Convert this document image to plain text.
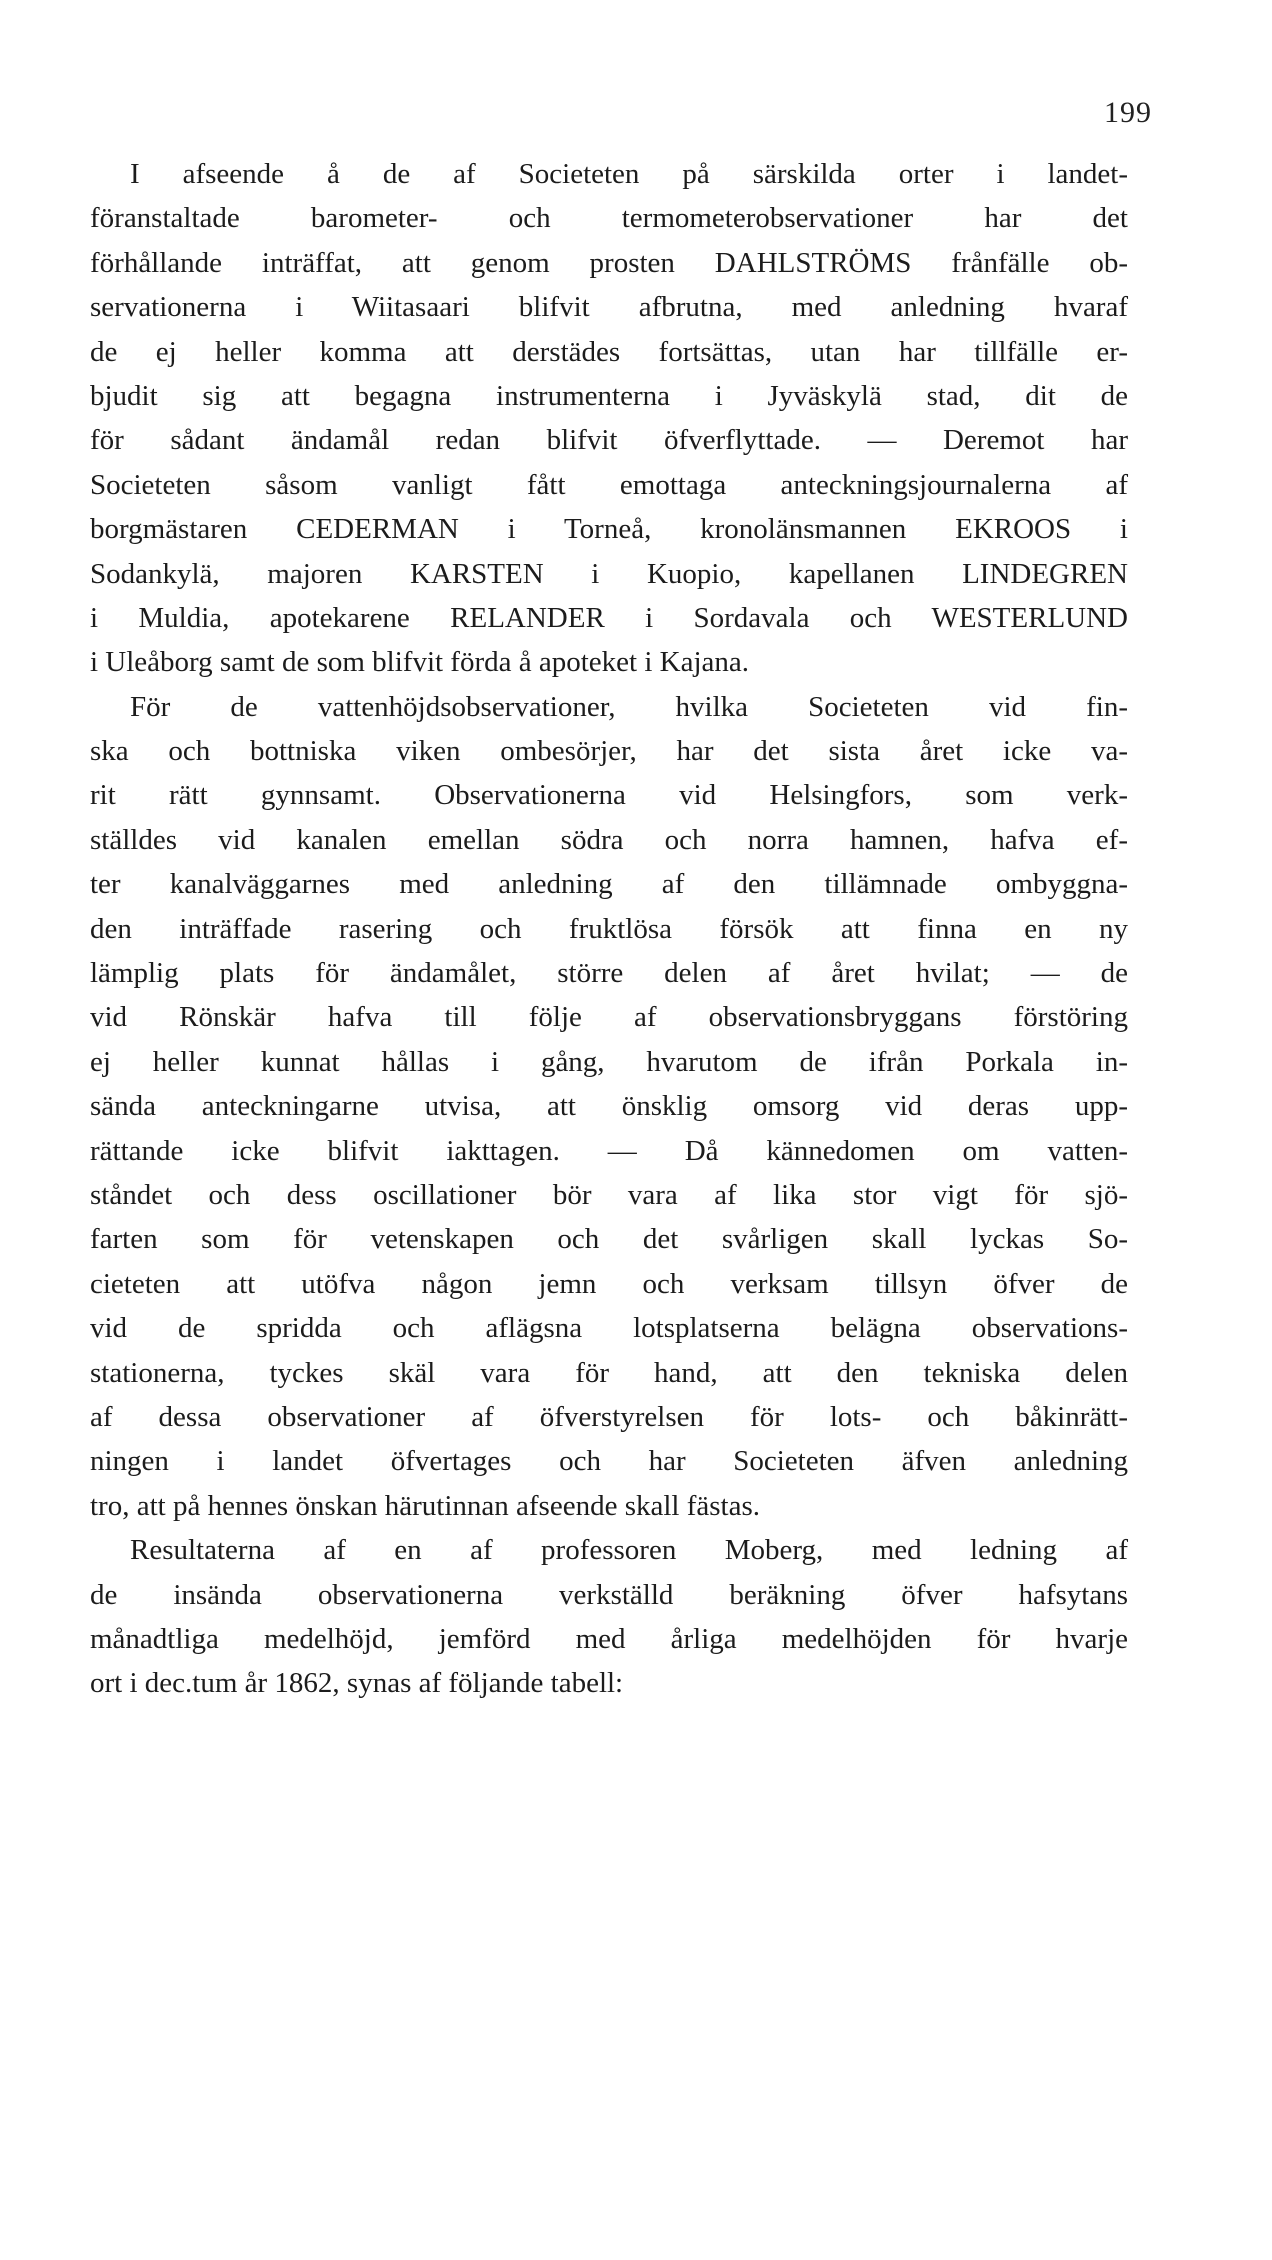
199
I afseende å de af Societeten på särskilda orter i landet-
föranstaltade barometer- och termometerobservationer har det
förhållande inträffat, att genom prosten DAHLSTRÖMS frånfälle ob-
servationerna i Wiitasaari blifvit afbrutna, med anledning hvaraf
de ej heller komma att derstädes fortsättas, utan har tillfälle er-
bjudit sig att begagna instrumenterna i Jyväskylä stad, dit de
för sådant ändamål redan blifvit öfverflyttade. — Deremot har
Societeten såsom vanligt fått emottaga anteckningsjournalerna af
borgmästaren CEDERMAN i Torneå, kronolänsmannen EKROOS i
Sodankylä, majoren KARSTEN i Kuopio, kapellanen LINDEGREN
i Muldia, apotekarene RELANDER i Sordavala och WESTERLUND
i Uleåborg samt de som blifvit förda å apoteket i Kajana.
För de vattenhöjdsobservationer, hvilka Societeten vid fin-
ska och bottniska viken ombesörjer, har det sista året icke va-
rit rätt gynnsamt. Observationerna vid Helsingfors, som verk-
ställdes vid kanalen emellan södra och norra hamnen, hafva ef-
ter kanalväggarnes med anledning af den tillämnade ombyggna-
den inträffade rasering och fruktlösa försök att finna en ny
lämplig plats för ändamålet, större delen af året hvilat; — de
vid Rönskär hafva till följe af observationsbryggans förstöring
ej heller kunnat hållas i gång, hvarutom de ifrån Porkala in-
sända anteckningarne utvisa, att önsklig omsorg vid deras upp-
rättande icke blifvit iakttagen. — Då kännedomen om vatten-
ståndet och dess oscillationer bör vara af lika stor vigt för sjö-
farten som för vetenskapen och det svårligen skall lyckas So-
cieteten att utöfva någon jemn och verksam tillsyn öfver de
vid de spridda och aflägsna lotsplatserna belägna observations-
stationerna, tyckes skäl vara för hand, att den tekniska delen
af dessa observationer af öfverstyrelsen för lots- och båkinrätt-
ningen i landet öfvertages och har Societeten äfven anledning
tro, att på hennes önskan härutinnan afseende skall fästas.
Resultaterna af en af professoren Moberg, med ledning af
de insända observationerna verkställd beräkning öfver hafsytans
månadtliga medelhöjd, jemförd med årliga medelhöjden för hvarje
ort i dec.tum år 1862, synas af följande tabell:
